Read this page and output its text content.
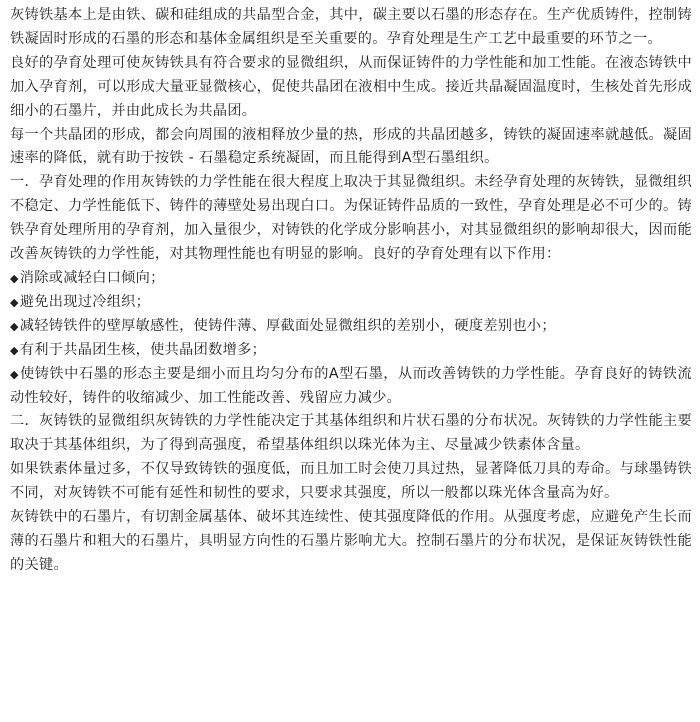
灰铸铁基本上是由铁、碳和硅组成的共晶型合金，其中，碳主要以石墨的形态存在。生产优质铸件，控制铸铁凝固时形成的石墨的形态和基体金属组织是至关重要的。孕育处理是生产工艺中最重要的环节之一。

良好的孕育处理可使灰铸铁具有符合要求的显微组织，从而保证铸件的力学性能和加工性能。在液态铸铁中加入孕育剂，可以形成大量亚显微核心，促使共晶团在液相中生成。接近共晶凝固温度时，生核处首先形成细小的石墨片，并由此成长为共晶团。

每一个共晶团的形成，都会向周围的液相释放少量的热，形成的共晶团越多，铸铁的凝固速率就越低。凝固速率的降低，就有助于按铁 - 石墨稳定系统凝固，而且能得到A型石墨组织。

一．孕育处理的作用灰铸铁的力学性能在很大程度上取决于其显微组织。未经孕育处理的灰铸铁，显微组织不稳定、力学性能低下、铸件的薄壁处易出现白口。为保证铸件品质的一致性，孕育处理是必不可少的。铸铁孕育处理所用的孕育剂，加入量很少，对铸铁的化学成分影响甚小，对其显微组织的影响却很大，因而能改善灰铸铁的力学性能，对其物理性能也有明显的影响。良好的孕育处理有以下作用：

◆消除或减轻白口倾向；

◆避免出现过冷组织；

◆减轻铸铁件的壁厚敏感性，使铸件薄、厚截面处显微组织的差别小，硬度差别也小；

◆有利于共晶团生核，使共晶团数增多；

◆使铸铁中石墨的形态主要是细小而且均匀分布的A型石墨，从而改善铸铁的力学性能。孕育良好的铸铁流动性较好，铸件的收缩减少、加工性能改善、残留应力减少。

二．灰铸铁的显微组织灰铸铁的力学性能决定于其基体组织和片状石墨的分布状况。灰铸铁的力学性能主要取决于其基体组织，为了得到高强度，希望基体组织以珠光体为主、尽量减少铁素体含量。

如果铁素体量过多，不仅导致铸铁的强度低，而且加工时会使刀具过热，显著降低刀具的寿命。与球墨铸铁不同，对灰铸铁不可能有延性和韧性的要求，只要求其强度，所以一般都以珠光体含量高为好。

灰铸铁中的石墨片，有切割金属基体、破坏其连续性、使其强度降低的作用。从强度考虑，应避免产生长而薄的石墨片和粗大的石墨片，具明显方向性的石墨片影响尤大。控制石墨片的分布状况，是保证灰铸铁性能的关键。
